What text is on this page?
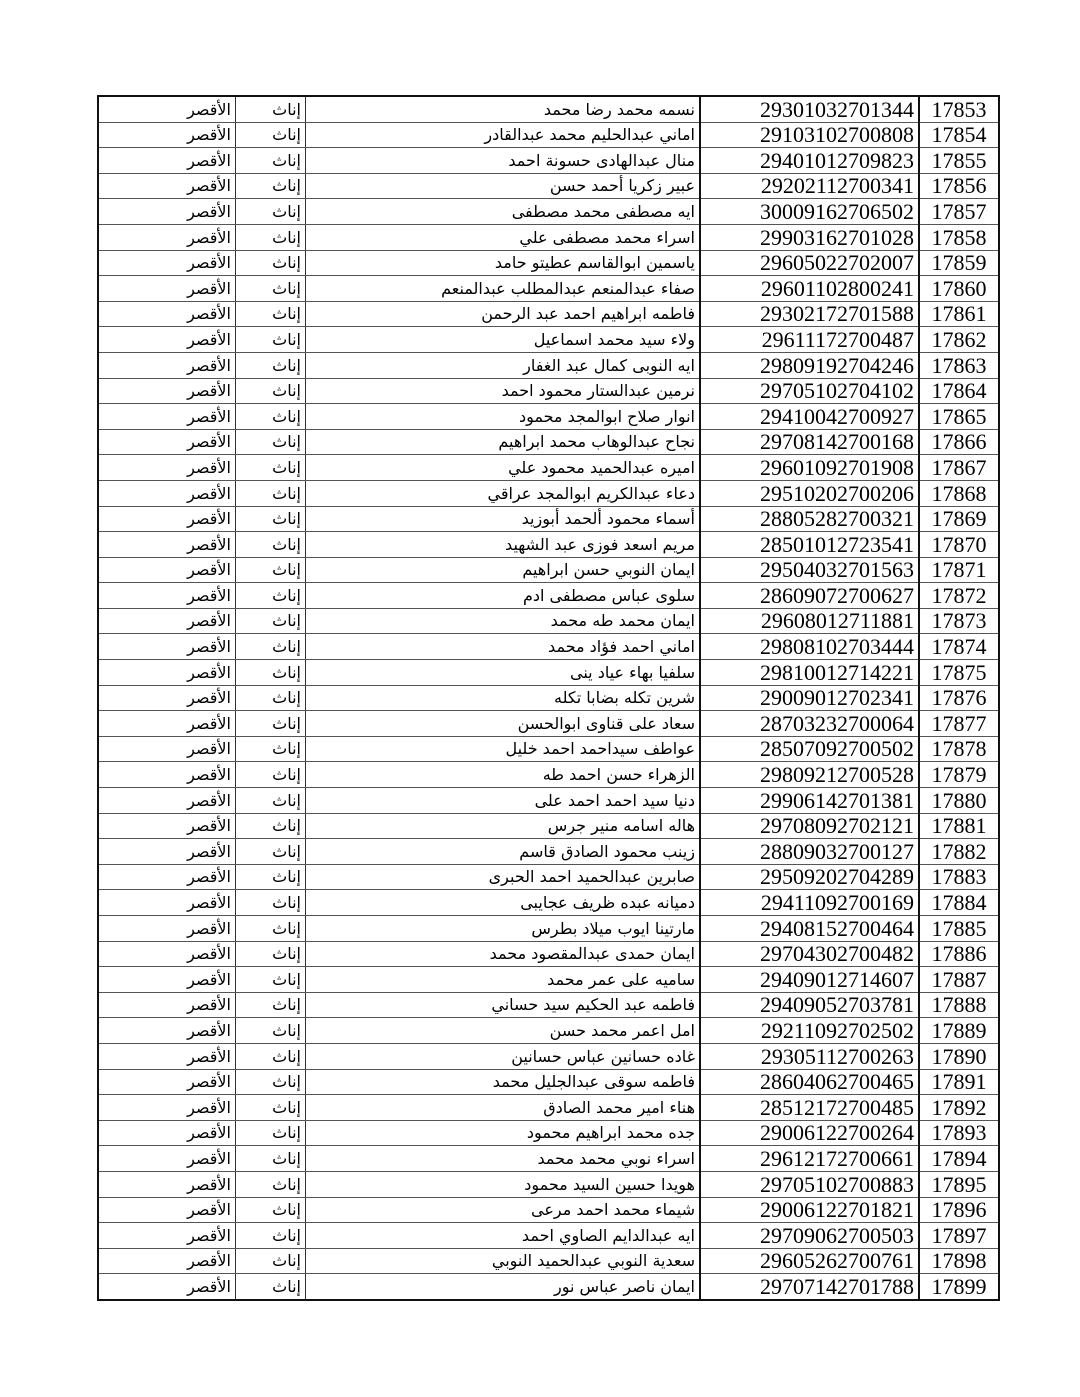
الأقصر	إناث	نسمه محمد رضا محمد	29301032701344	17853
الأقصر	إناث	اماني عبدالحليم محمد عبدالقادر	29103102700808	17854
الأقصر	إناث	منال عبدالهادى حسونة احمد	29401012709823	17855
الأقصر	إناث	عبير زكريا أحمد حسن	29202112700341	17856
الأقصر	إناث	ايه مصطفى محمد مصطفى	30009162706502	17857
الأقصر	إناث	اسراء محمد مصطفى علي	29903162701028	17858
الأقصر	إناث	ياسمين ابوالقاسم عطيتو حامد	29605022702007	17859
الأقصر	إناث	صفاء عبدالمنعم عبدالمطلب عبدالمنعم	29601102800241	17860
الأقصر	إناث	فاطمه ابراهيم احمد عبد الرحمن	29302172701588	17861
الأقصر	إناث	ولاء سيد محمد اسماعيل	29611172700487	17862
الأقصر	إناث	ايه النوبى كمال عبد الغفار	29809192704246	17863
الأقصر	إناث	نرمين عبدالستار محمود احمد	29705102704102	17864
الأقصر	إناث	انوار صلاح ابوالمجد محمود	29410042700927	17865
الأقصر	إناث	نجاح عبدالوهاب محمد ابراهيم	29708142700168	17866
الأقصر	إناث	اميره عبدالحميد محمود علي	29601092701908	17867
الأقصر	إناث	دعاء عبدالكريم ابوالمجد عراقي	29510202700206	17868
الأقصر	إناث	أسماء محمود ألحمد أبوزيد	28805282700321	17869
الأقصر	إناث	مريم اسعد فوزى عبد الشهيد	28501012723541	17870
الأقصر	إناث	ايمان النوبي حسن ابراهيم	29504032701563	17871
الأقصر	إناث	سلوى عباس مصطفى ادم	28609072700627	17872
الأقصر	إناث	ايمان محمد طه محمد	29608012711881	17873
الأقصر	إناث	اماني احمد فؤاد محمد	29808102703444	17874
الأقصر	إناث	سلفيا بهاء عياد ينى	29810012714221	17875
الأقصر	إناث	شرين تكله بضابا تكله	29009012702341	17876
الأقصر	إناث	سعاد على قناوى ابوالحسن	28703232700064	17877
الأقصر	إناث	عواطف سيداحمد احمد خليل	28507092700502	17878
الأقصر	إناث	الزهراء حسن احمد طه	29809212700528	17879
الأقصر	إناث	دنيا سيد احمد احمد على	29906142701381	17880
الأقصر	إناث	هاله اسامه منير جرس	29708092702121	17881
الأقصر	إناث	زينب محمود الصادق قاسم	28809032700127	17882
الأقصر	إناث	صابرين عبدالحميد احمد الحبرى	29509202704289	17883
الأقصر	إناث	دميانه عبده ظريف عجايبى	29411092700169	17884
الأقصر	إناث	مارتينا ايوب ميلاد بطرس	29408152700464	17885
الأقصر	إناث	ايمان حمدى عبدالمقصود محمد	29704302700482	17886
الأقصر	إناث	ساميه على عمر محمد	29409012714607	17887
الأقصر	إناث	فاطمه عبد الحكيم سيد حساني	29409052703781	17888
الأقصر	إناث	امل اعمر محمد حسن	29211092702502	17889
الأقصر	إناث	غاده حسانين عباس حسانين	29305112700263	17890
الأقصر	إناث	فاطمه سوقى عبدالجليل محمد	28604062700465	17891
الأقصر	إناث	هناء امير محمد الصادق	28512172700485	17892
الأقصر	إناث	جده محمد ابراهيم محمود	29006122700264	17893
الأقصر	إناث	اسراء نوبي محمد محمد	29612172700661	17894
الأقصر	إناث	هويدا حسين السيد محمود	29705102700883	17895
الأقصر	إناث	شيماء محمد احمد مرعى	29006122701821	17896
الأقصر	إناث	ايه عبدالدايم الصاوي احمد	29709062700503	17897
الأقصر	إناث	سعدية النوبي عبدالحميد النوبي	29605262700761	17898
الأقصر	إناث	ايمان ناصر عباس نور	29707142701788	17899
